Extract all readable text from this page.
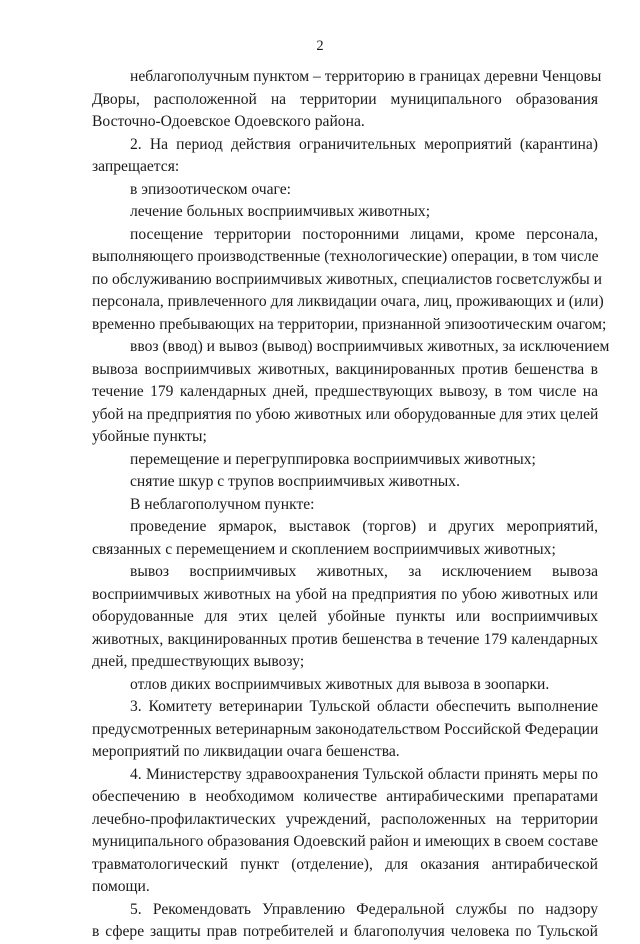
2
неблагополучным пунктом – территорию в границах деревни Ченцовы
Дворы, расположенной на территории муниципального образования
Восточно-Одоевское Одоевского района.
2. На период действия ограничительных мероприятий (карантина)
запрещается:
в эпизоотическом очаге:
лечение больных восприимчивых животных;
посещение территории посторонними лицами, кроме персонала,
выполняющего производственные (технологические) операции, в том числе
по обслуживанию восприимчивых животных, специалистов госветслужбы и
персонала, привлеченного для ликвидации очага, лиц, проживающих и (или)
временно пребывающих на территории, признанной эпизоотическим очагом;
ввоз (ввод) и вывоз (вывод) восприимчивых животных, за исключением
вывоза восприимчивых животных, вакцинированных против бешенства в
течение 179 календарных дней, предшествующих вывозу, в том числе на
убой на предприятия по убою животных или оборудованные для этих целей
убойные пункты;
перемещение и перегруппировка восприимчивых животных;
снятие шкур с трупов восприимчивых животных.
В неблагополучном пункте:
проведение ярмарок, выставок (торгов) и других мероприятий,
связанных с перемещением и скоплением восприимчивых животных;
вывоз восприимчивых животных, за исключением вывоза
восприимчивых животных на убой на предприятия по убою животных или
оборудованные для этих целей убойные пункты или восприимчивых
животных, вакцинированных против бешенства в течение 179 календарных
дней, предшествующих вывозу;
отлов диких восприимчивых животных для вывоза в зоопарки.
3. Комитету ветеринарии Тульской области обеспечить выполнение
предусмотренных ветеринарным законодательством Российской Федерации
мероприятий по ликвидации очага бешенства.
4. Министерству здравоохранения Тульской области принять меры по
обеспечению в необходимом количестве антирабическими препаратами
лечебно-профилактических учреждений, расположенных на территории
муниципального образования Одоевский район и имеющих в своем составе
травматологический пункт (отделение), для оказания антирабической
помощи.
5. Рекомендовать Управлению Федеральной службы по надзору
в сфере защиты прав потребителей и благополучия человека по Тульской
